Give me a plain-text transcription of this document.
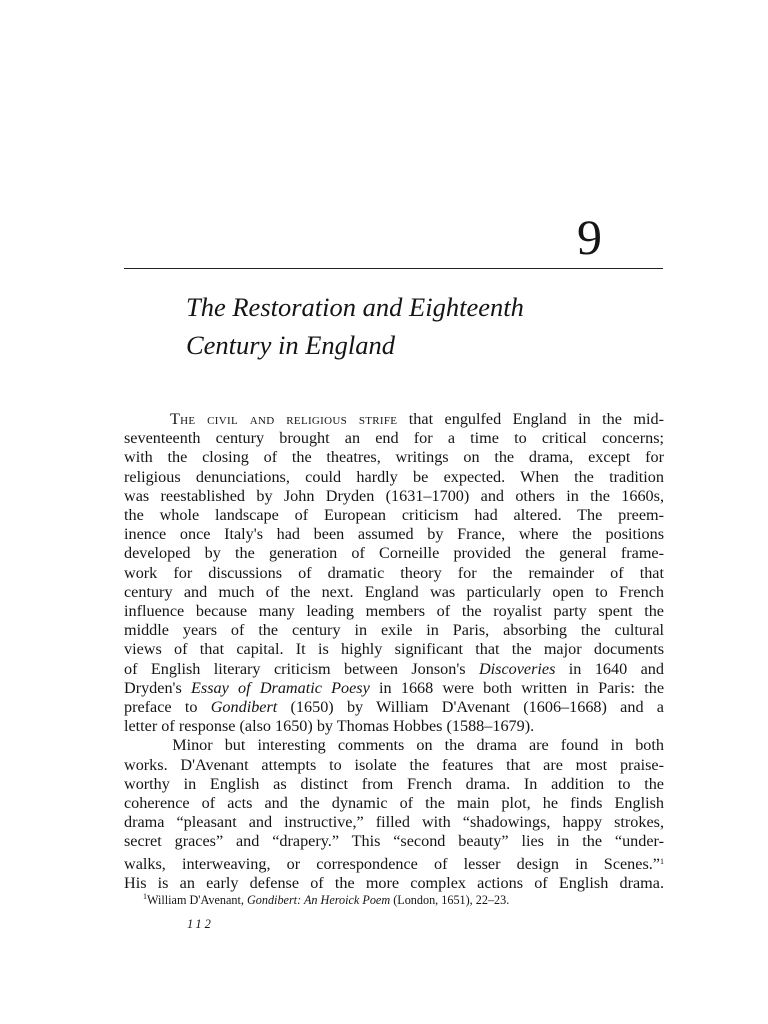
9
The Restoration and Eighteenth
Century in England
The civil and religious strife that engulfed England in the mid-
seventeenth century brought an end for a time to critical concerns;
with the closing of the theatres, writings on the drama, except for
religious denunciations, could hardly be expected. When the tradition
was reestablished by John Dryden (1631–1700) and others in the 1660s,
the whole landscape of European criticism had altered. The preem-
inence once Italy's had been assumed by France, where the positions
developed by the generation of Corneille provided the general frame-
work for discussions of dramatic theory for the remainder of that
century and much of the next. England was particularly open to French
influence because many leading members of the royalist party spent the
middle years of the century in exile in Paris, absorbing the cultural
views of that capital. It is highly significant that the major documents
of English literary criticism between Jonson's Discoveries in 1640 and
Dryden's Essay of Dramatic Poesy in 1668 were both written in Paris: the
preface to Gondibert (1650) by William D'Avenant (1606–1668) and a
letter of response (also 1650) by Thomas Hobbes (1588–1679).
Minor but interesting comments on the drama are found in both
works. D'Avenant attempts to isolate the features that are most praise-
worthy in English as distinct from French drama. In addition to the
coherence of acts and the dynamic of the main plot, he finds English
drama “pleasant and instructive,” filled with “shadowings, happy strokes,
secret graces” and “drapery.” This “second beauty” lies in the “under-
walks, interweaving, or correspondence of lesser design in Scenes.”$^1$
His is an early defense of the more complex actions of English drama.
$^1$William D'Avenant, Gondibert: An Heroick Poem (London, 1651), 22–23.
112
